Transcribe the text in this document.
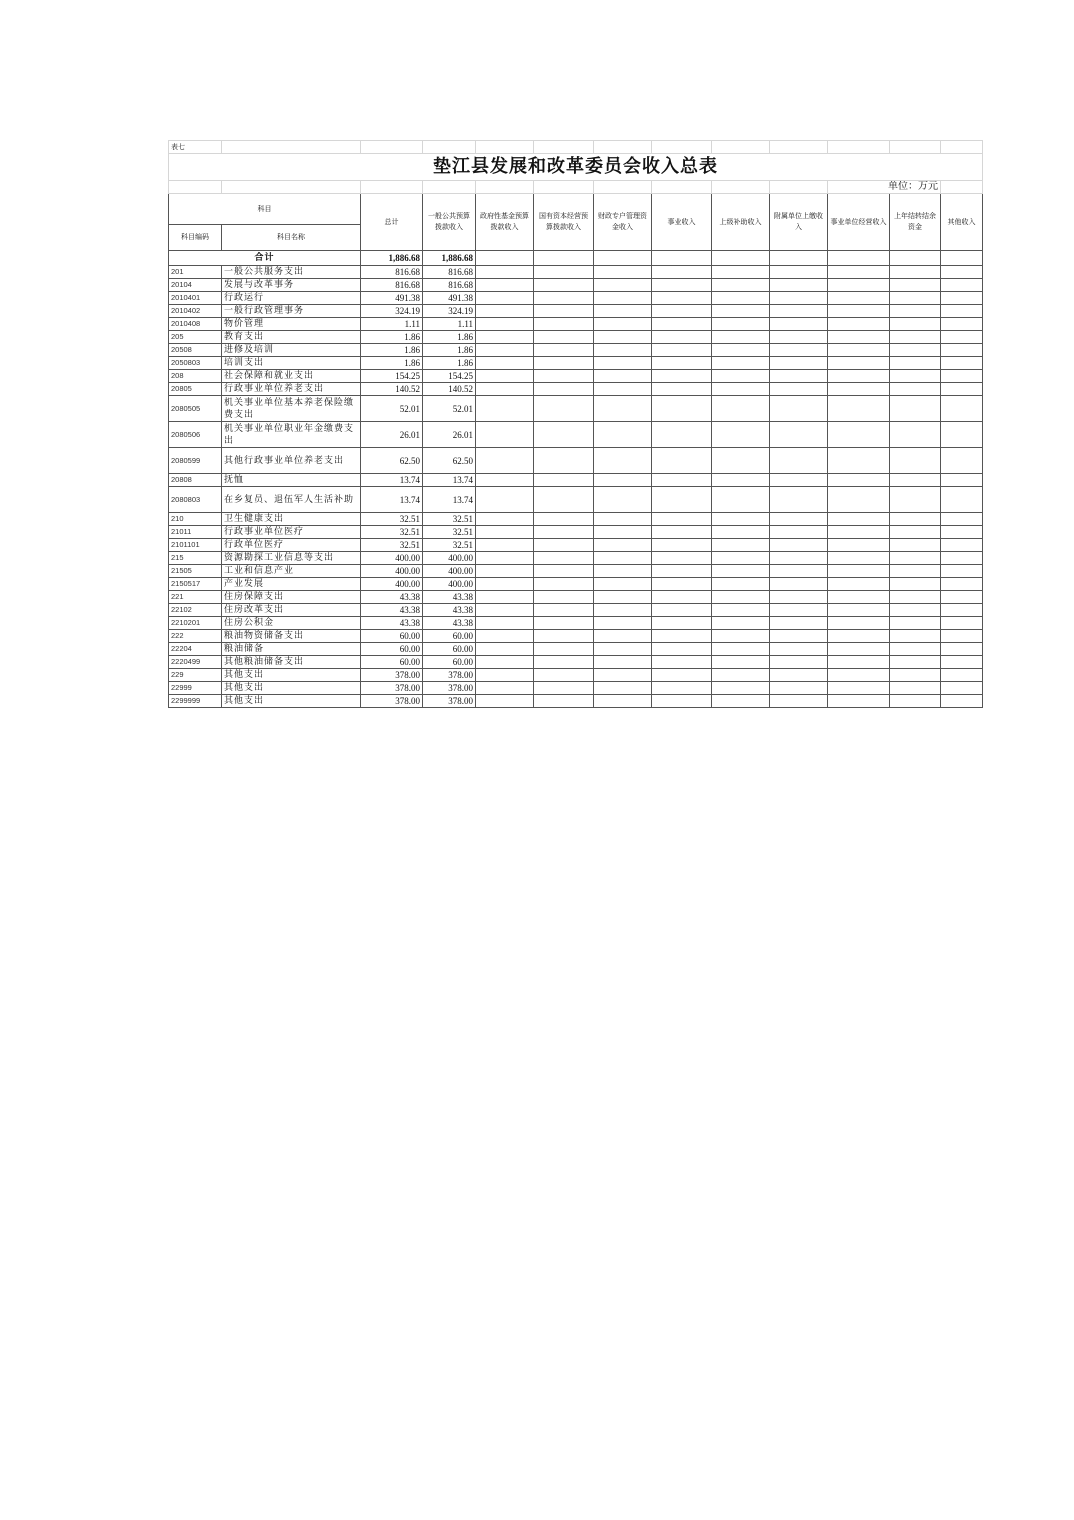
表七												
垫江县发展和改革委员会收入总表												
										单位：万元		
科目		总计	一般公共预算拨款收入	政府性基金预算拨款收入	国有资本经营预算拨款收入	财政专户管理资金收入	事业收入	上级补助收入	附属单位上缴收入	事业单位经营收入	上年结转结余资金	其他收入
科目编码	科目名称											
合计		1,886.68	1,886.68									
201	一般公共服务支出	816.68	816.68									
20104	发展与改革事务	816.68	816.68									
2010401	行政运行	491.38	491.38									
2010402	一般行政管理事务	324.19	324.19									
2010408	物价管理	1.11	1.11									
205	教育支出	1.86	1.86									
20508	进修及培训	1.86	1.86									
2050803	培训支出	1.86	1.86									
208	社会保障和就业支出	154.25	154.25									
20805	行政事业单位养老支出	140.52	140.52									
2080505	机关事业单位基本养老保险缴费支出	52.01	52.01									
2080506	机关事业单位职业年金缴费支出	26.01	26.01									
2080599	其他行政事业单位养老支出	62.50	62.50									
20808	抚恤	13.74	13.74									
2080803	在乡复员、退伍军人生活补助	13.74	13.74									
210	卫生健康支出	32.51	32.51									
21011	行政事业单位医疗	32.51	32.51									
2101101	行政单位医疗	32.51	32.51									
215	资源勘探工业信息等支出	400.00	400.00									
21505	工业和信息产业	400.00	400.00									
2150517	产业发展	400.00	400.00									
221	住房保障支出	43.38	43.38									
22102	住房改革支出	43.38	43.38									
2210201	住房公积金	43.38	43.38									
222	粮油物资储备支出	60.00	60.00									
22204	粮油储备	60.00	60.00									
2220499	其他粮油储备支出	60.00	60.00									
229	其他支出	378.00	378.00									
22999	其他支出	378.00	378.00									
2299999	其他支出	378.00	378.00									
